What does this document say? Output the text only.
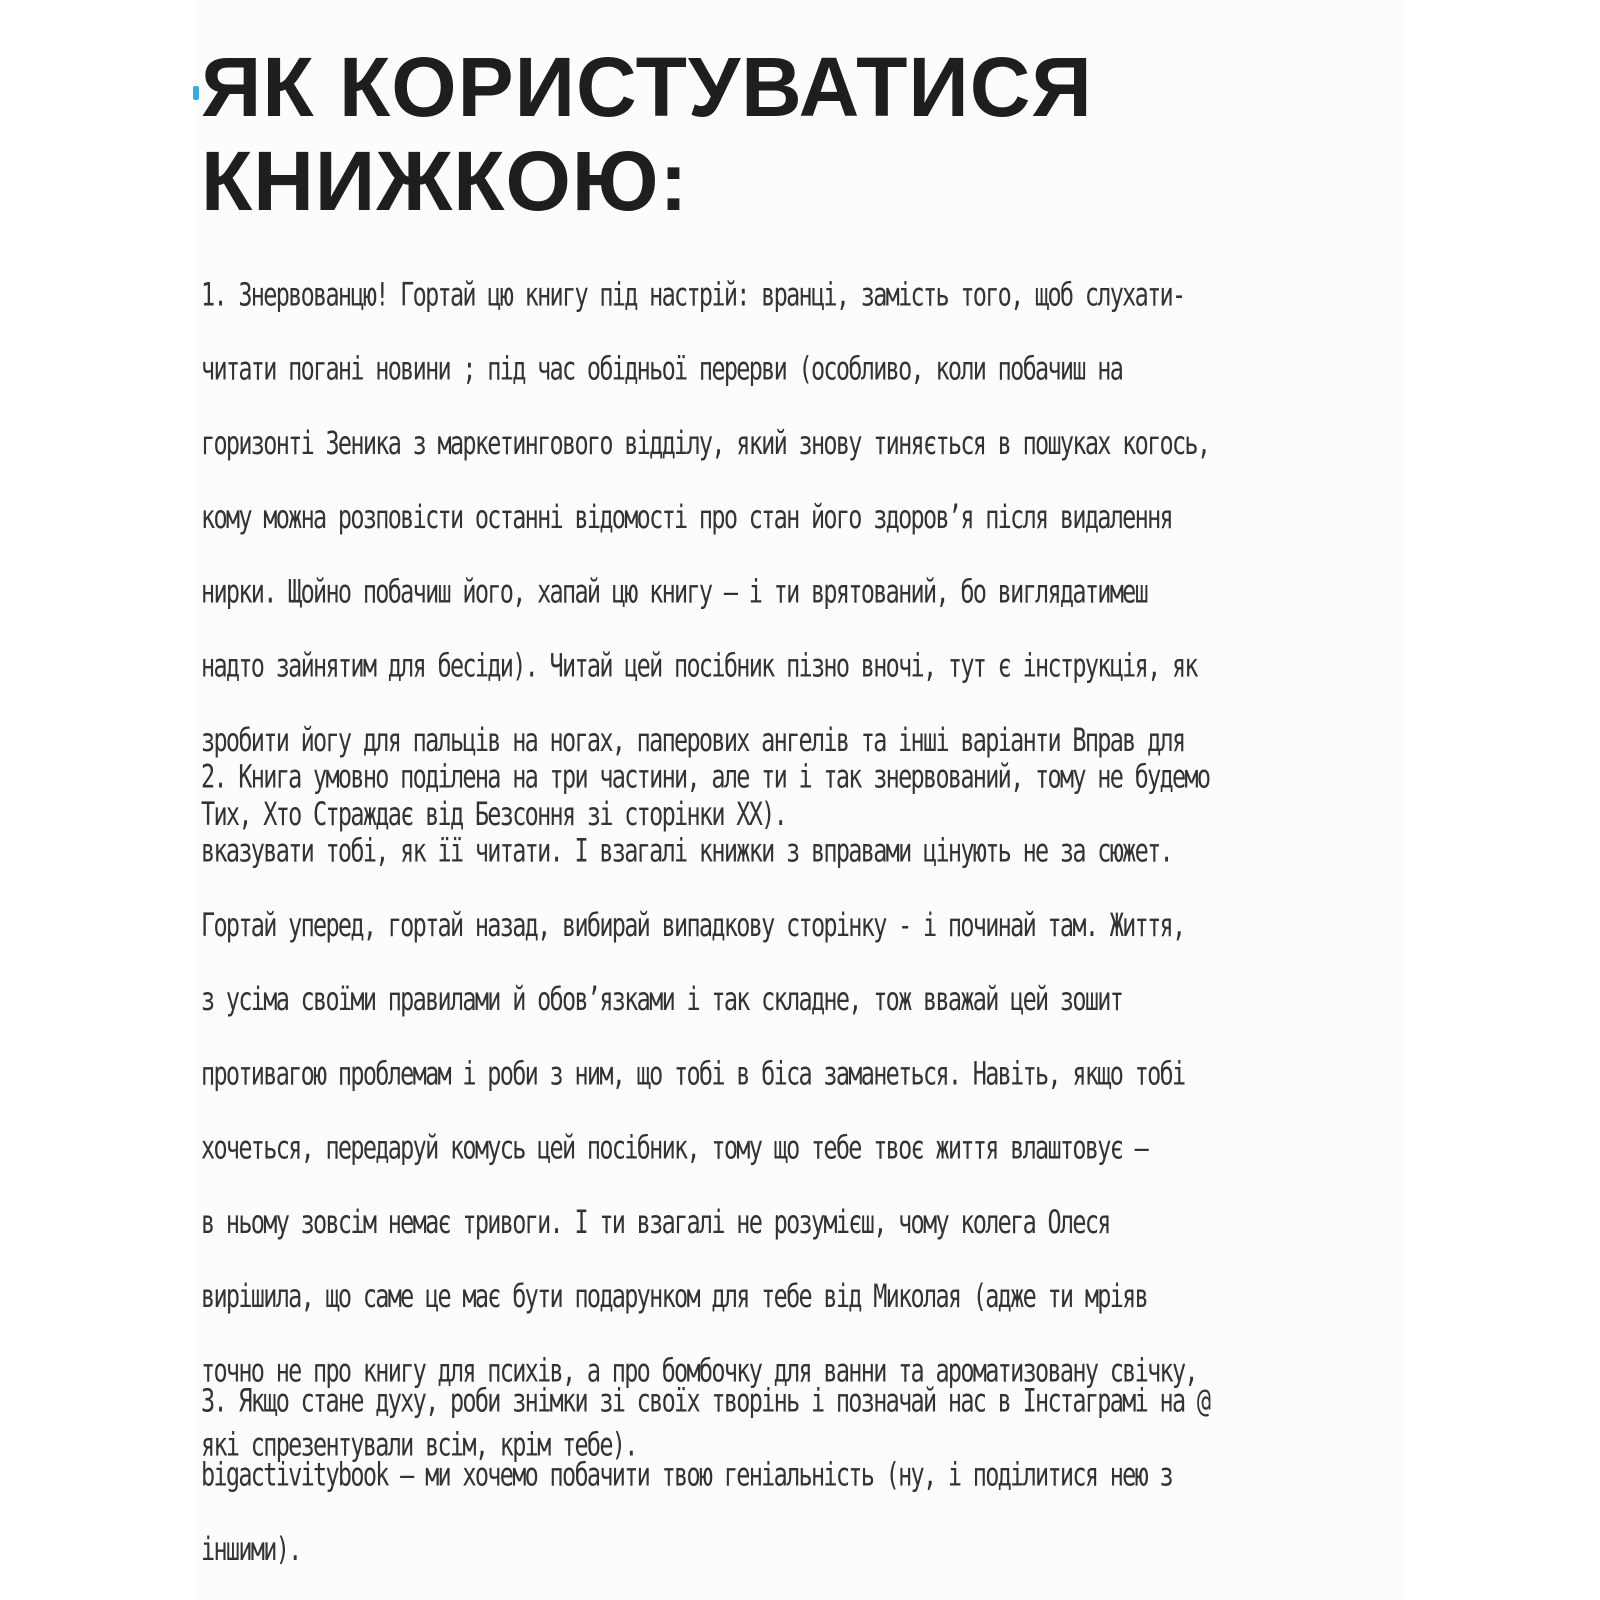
ЯК КОРИСТУВАТИСЯ
КНИЖКОЮ:
1. Знервованцю! Гортай цю книгу під настрій: вранці, замість того, щоб слухати-
читати погані новини ; під час обідньої перерви (особливо, коли побачиш на
горизонті Зеника з маркетингового відділу, який знову тиняється в пошуках когось,
кому можна розповісти останні відомості про стан його здоров’я після видалення
нирки. Щойно побачиш його, хапай цю книгу – і ти врятований, бо виглядатимеш
надто зайнятим для бесіди). Читай цей посібник пізно вночі, тут є інструкція, як
зробити йогу для пальців на ногах, паперових ангелів та інші варіанти Вправ для
Тих, Хто Страждає від Безсоння зі сторінки ХХ).
2. Книга умовно поділена на три частини, але ти і так знервований, тому не будемо
вказувати тобі, як її читати. І взагалі книжки з вправами цінують не за сюжет.
Гортай уперед, гортай назад, вибирай випадкову сторінку - і починай там. Життя,
з усіма своїми правилами й обов’язками і так складне, тож вважай цей зошит
противагою проблемам і роби з ним, що тобі в біса заманеться. Навіть, якщо тобі
хочеться, передаруй комусь цей посібник, тому що тебе твоє життя влаштовує –
в ньому зовсім немає тривоги. І ти взагалі не розумієш, чому колега Олеся
вирішила, що саме це має бути подарунком для тебе від Миколая (адже ти мріяв
точно не про книгу для психів, а про бомбочку для ванни та ароматизовану свічку,
які спрезентували всім, крім тебе).
3. Якщо стане духу, роби знімки зі своїх творінь і позначай нас в Інстаграмі на @
bigactivitybook – ми хочемо побачити твою геніальність (ну, і поділитися нею з
іншими).
